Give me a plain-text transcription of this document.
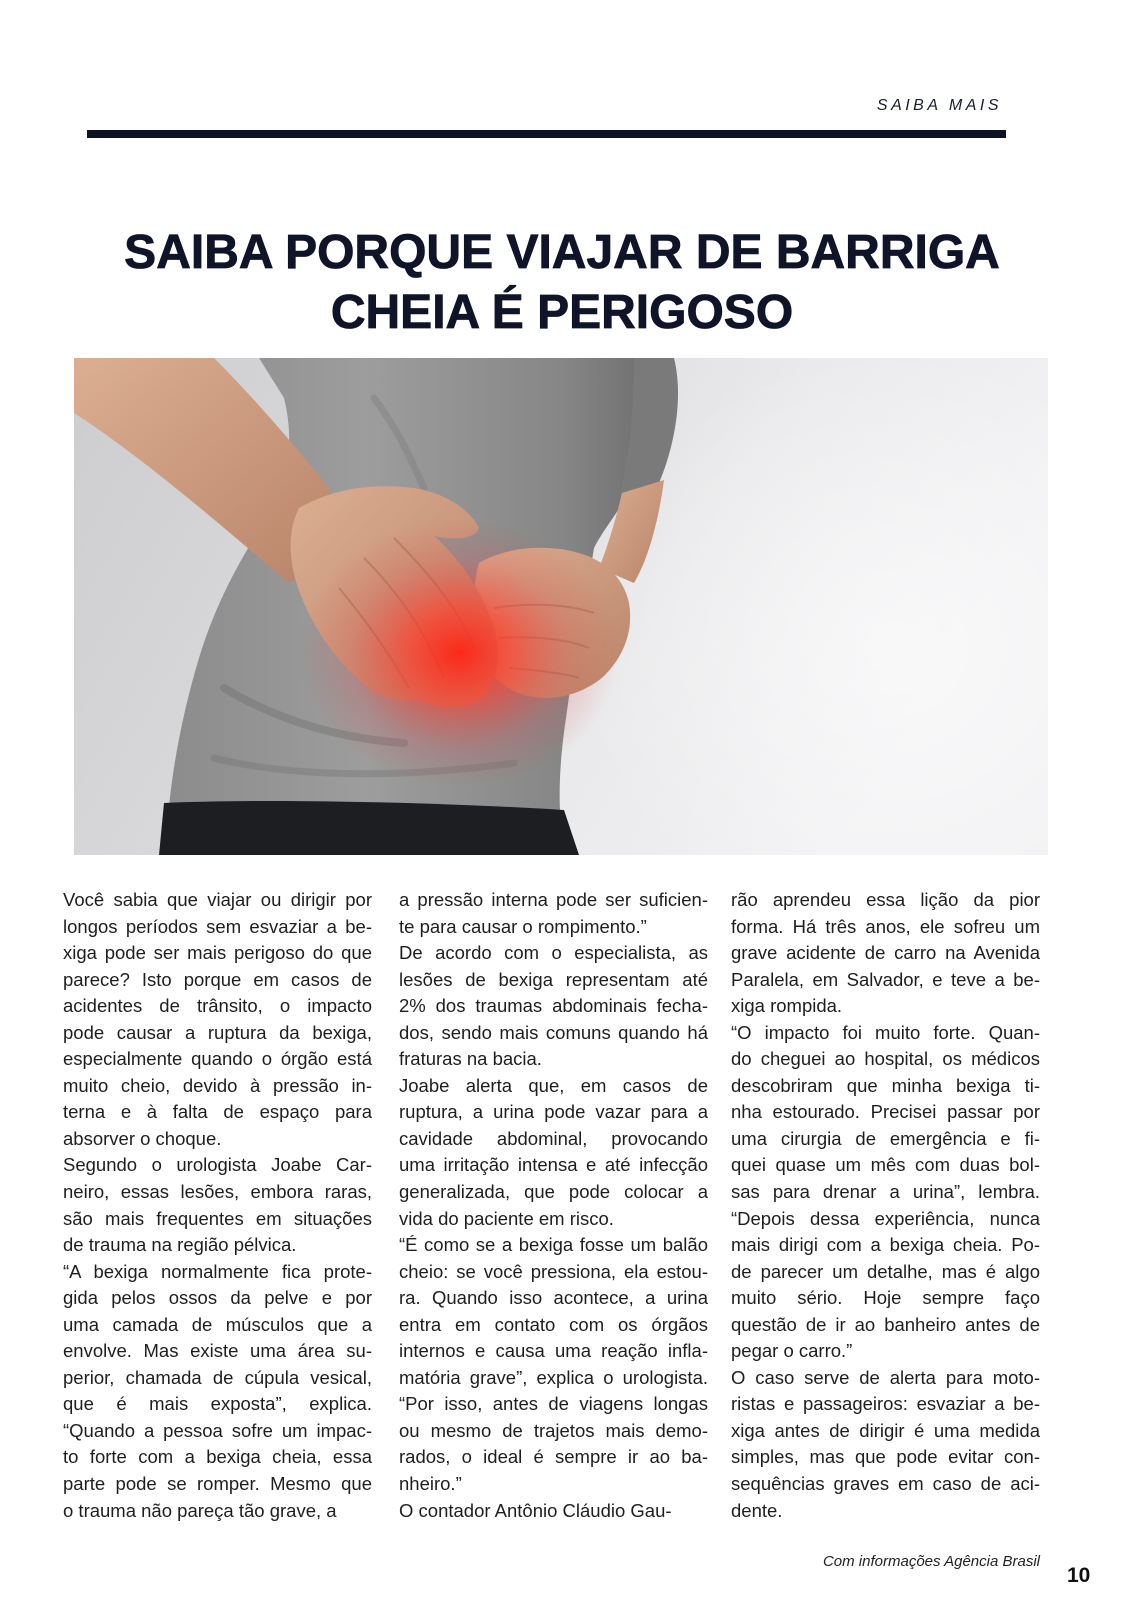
SAIBA MAIS
SAIBA PORQUE VIAJAR DE BARRIGA
CHEIA É PERIGOSO
Você sabia que viajar ou dirigir por
longos períodos sem esvaziar a be-
xiga pode ser mais perigoso do que
parece? Isto porque em casos de
acidentes de trânsito, o impacto
pode causar a ruptura da bexiga,
especialmente quando o órgão está
muito cheio, devido à pressão in-
terna e à falta de espaço para
absorver o choque.
Segundo o urologista Joabe Car-
neiro, essas lesões, embora raras,
são mais frequentes em situações
de trauma na região pélvica.
“A bexiga normalmente fica prote-
gida pelos ossos da pelve e por
uma camada de músculos que a
envolve. Mas existe uma área su-
perior, chamada de cúpula vesical,
que é mais exposta”, explica.
“Quando a pessoa sofre um impac-
to forte com a bexiga cheia, essa
parte pode se romper. Mesmo que
o trauma não pareça tão grave, a
a pressão interna pode ser suficien-
te para causar o rompimento.”
De acordo com o especialista, as
lesões de bexiga representam até
2% dos traumas abdominais fecha-
dos, sendo mais comuns quando há
fraturas na bacia.
Joabe alerta que, em casos de
ruptura, a urina pode vazar para a
cavidade abdominal, provocando
uma irritação intensa e até infecção
generalizada, que pode colocar a
vida do paciente em risco.
“É como se a bexiga fosse um balão
cheio: se você pressiona, ela estou-
ra. Quando isso acontece, a urina
entra em contato com os órgãos
internos e causa uma reação infla-
matória grave”, explica o urologista.
“Por isso, antes de viagens longas
ou mesmo de trajetos mais demo-
rados, o ideal é sempre ir ao ba-
nheiro.”
O contador Antônio Cláudio Gau-
rão aprendeu essa lição da pior
forma. Há três anos, ele sofreu um
grave acidente de carro na Avenida
Paralela, em Salvador, e teve a be-
xiga rompida.
“O impacto foi muito forte. Quan-
do cheguei ao hospital, os médicos
descobriram que minha bexiga ti-
nha estourado. Precisei passar por
uma cirurgia de emergência e fi-
quei quase um mês com duas bol-
sas para drenar a urina”, lembra.
“Depois dessa experiência, nunca
mais dirigi com a bexiga cheia. Po-
de parecer um detalhe, mas é algo
muito sério. Hoje sempre faço
questão de ir ao banheiro antes de
pegar o carro.”
O caso serve de alerta para moto-
ristas e passageiros: esvaziar a be-
xiga antes de dirigir é uma medida
simples, mas que pode evitar con-
sequências graves em caso de aci-
dente.
Com informações Agência Brasil
10
